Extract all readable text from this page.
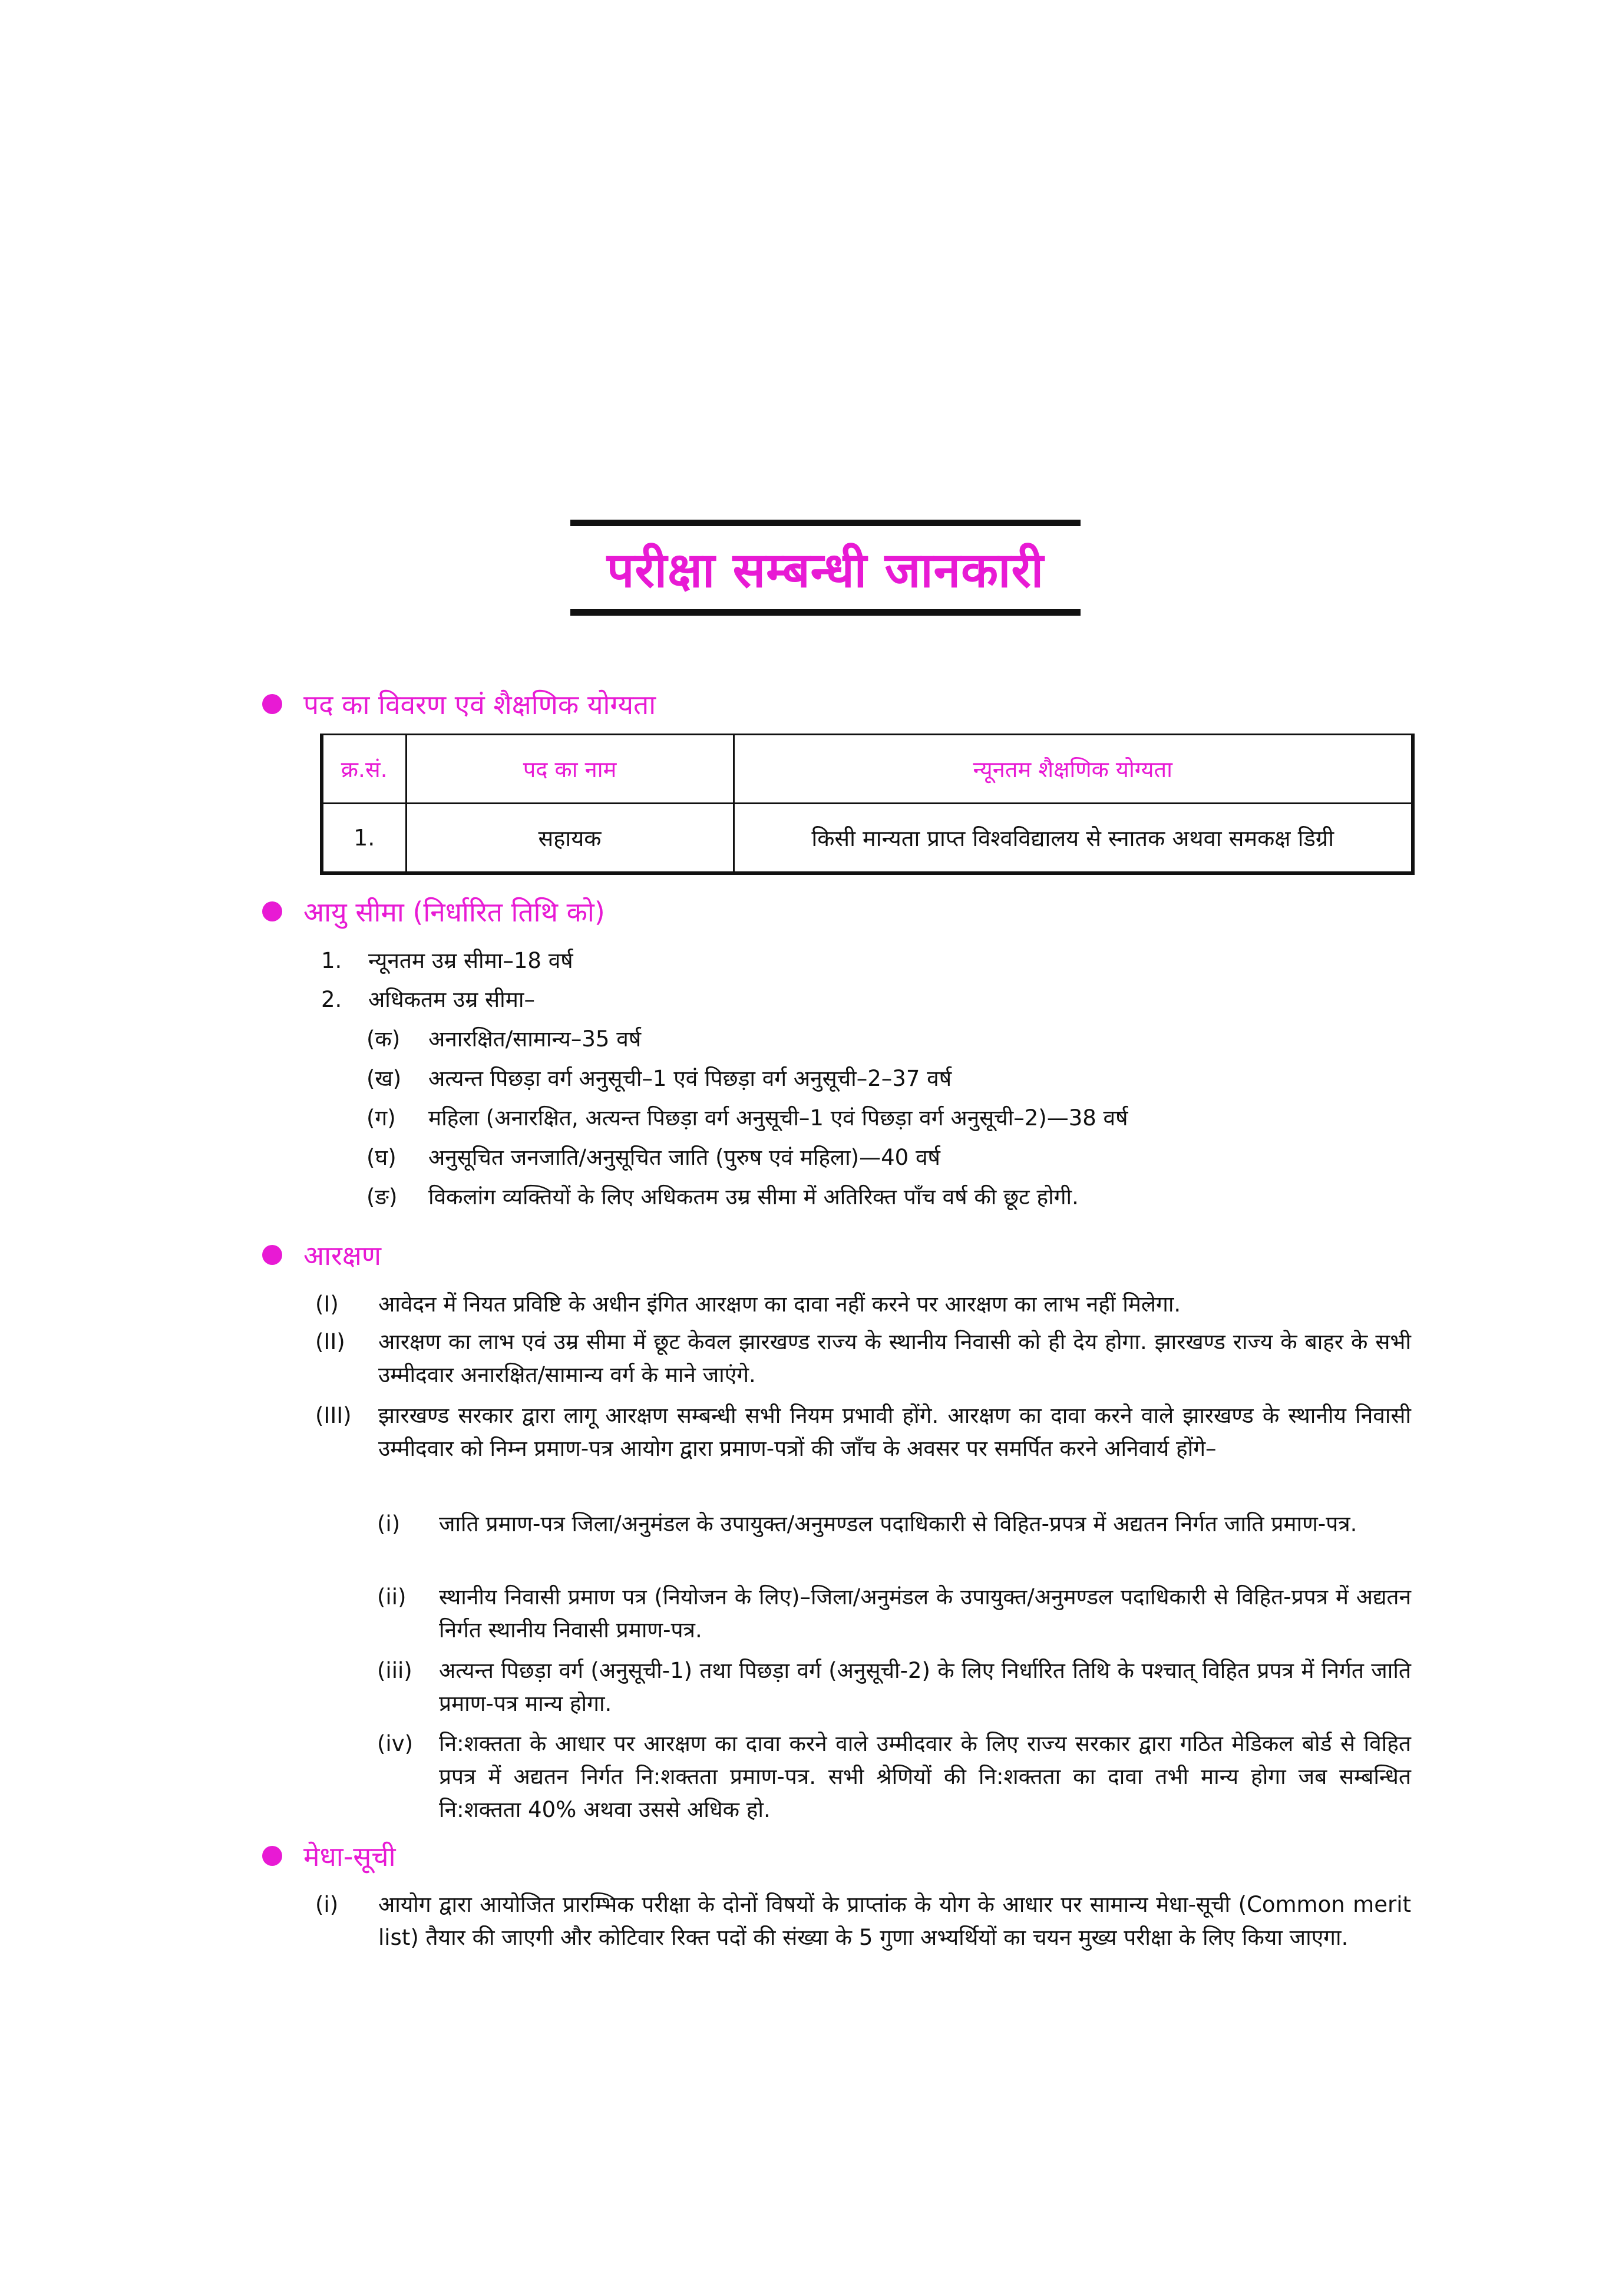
परीक्षा सम्बन्धी जानकारी
पद का विवरण एवं शैक्षणिक योग्यता
क्र.सं.	पद का नाम	न्यूनतम शैक्षणिक योग्यता
1.	सहायक	किसी मान्यता प्राप्त विश्वविद्यालय से स्नातक अथवा समकक्ष डिग्री
आयु सीमा (निर्धारित तिथि को)
1. न्यूनतम उम्र सीमा–18 वर्ष
2. अधिकतम उम्र सीमा–
(क) अनारक्षित/सामान्य–35 वर्ष
(ख) अत्यन्त पिछड़ा वर्ग अनुसूची–1 एवं पिछड़ा वर्ग अनुसूची–2–37 वर्ष
(ग) महिला (अनारक्षित, अत्यन्त पिछड़ा वर्ग अनुसूची–1 एवं पिछड़ा वर्ग अनुसूची–2)—38 वर्ष
(घ) अनुसूचित जनजाति/अनुसूचित जाति (पुरुष एवं महिला)—40 वर्ष
(ङ) विकलांग व्यक्तियों के लिए अधिकतम उम्र सीमा में अतिरिक्त पाँच वर्ष की छूट होगी.
आरक्षण
(I) आवेदन में नियत प्रविष्टि के अधीन इंगित आरक्षण का दावा नहीं करने पर आरक्षण का लाभ नहीं मिलेगा.
(II) आरक्षण का लाभ एवं उम्र सीमा में छूट केवल झारखण्ड राज्य के स्थानीय निवासी को ही देय होगा. झारखण्ड राज्य के बाहर के सभी उम्मीदवार अनारक्षित/सामान्य वर्ग के माने जाएंगे.
(III) झारखण्ड सरकार द्वारा लागू आरक्षण सम्बन्धी सभी नियम प्रभावी होंगे. आरक्षण का दावा करने वाले झारखण्ड के स्थानीय निवासी उम्मीदवार को निम्न प्रमाण-पत्र आयोग द्वारा प्रमाण-पत्रों की जाँच के अवसर पर समर्पित करने अनिवार्य होंगे–
(i) जाति प्रमाण-पत्र जिला/अनुमंडल के उपायुक्त/अनुमण्डल पदाधिकारी से विहित-प्रपत्र में अद्यतन निर्गत जाति प्रमाण-पत्र.
(ii) स्थानीय निवासी प्रमाण पत्र (नियोजन के लिए)–जिला/अनुमंडल के उपायुक्त/अनुमण्डल पदाधिकारी से विहित-प्रपत्र में अद्यतन निर्गत स्थानीय निवासी प्रमाण-पत्र.
(iii) अत्यन्त पिछड़ा वर्ग (अनुसूची-1) तथा पिछड़ा वर्ग (अनुसूची-2) के लिए निर्धारित तिथि के पश्चात् विहित प्रपत्र में निर्गत जाति प्रमाण-पत्र मान्य होगा.
(iv) नि:शक्तता के आधार पर आरक्षण का दावा करने वाले उम्मीदवार के लिए राज्य सरकार द्वारा गठित मेडिकल बोर्ड से विहित प्रपत्र में अद्यतन निर्गत नि:शक्तता प्रमाण-पत्र. सभी श्रेणियों की नि:शक्तता का दावा तभी मान्य होगा जब सम्बन्धित नि:शक्तता 40% अथवा उससे अधिक हो.
मेधा-सूची
(i) आयोग द्वारा आयोजित प्रारम्भिक परीक्षा के दोनों विषयों के प्राप्तांक के योग के आधार पर सामान्य मेधा-सूची (Common merit list) तैयार की जाएगी और कोटिवार रिक्त पदों की संख्या के 5 गुणा अभ्यर्थियों का चयन मुख्य परीक्षा के लिए किया जाएगा.
